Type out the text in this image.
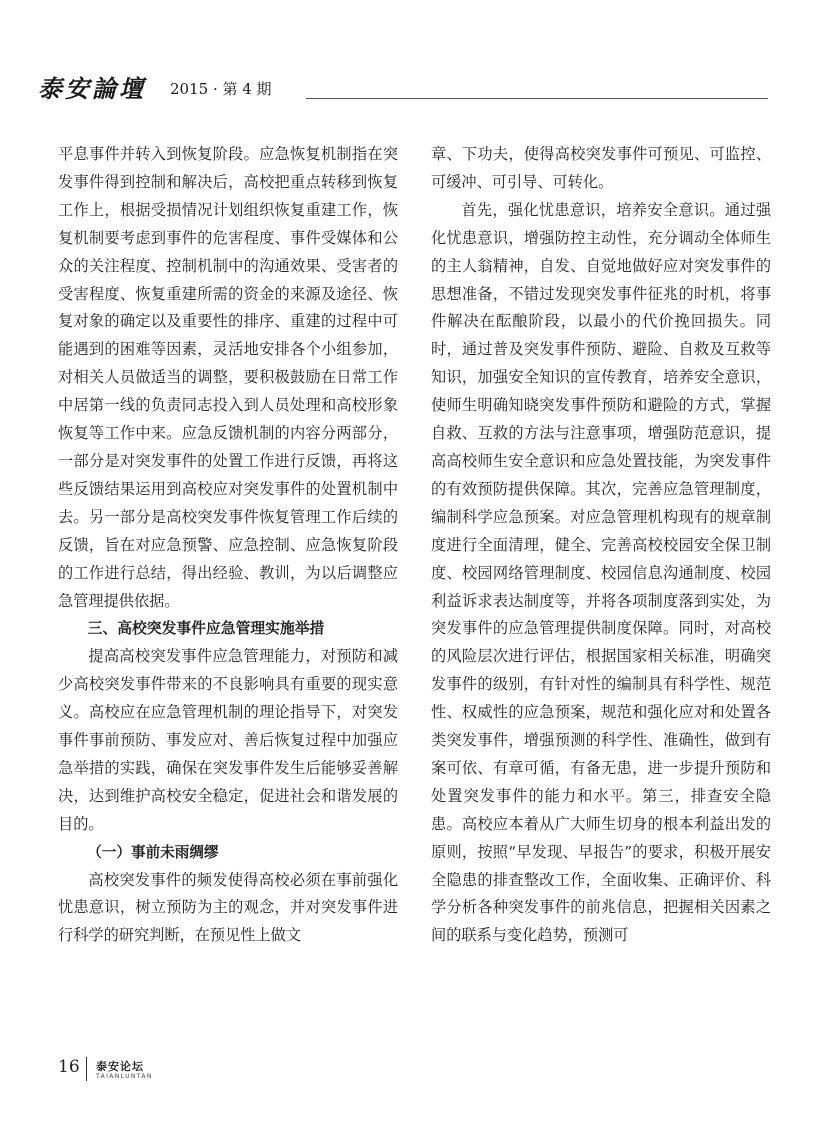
泰安論壇 2015 · 第 4 期

平息事件并转入到恢复阶段。应急恢复机制指在突发事件得到控制和解决后，高校把重点转移到恢复工作上，根据受损情况计划组织恢复重建工作，恢复机制要考虑到事件的危害程度、事件受媒体和公众的关注程度、控制机制中的沟通效果、受害者的受害程度、恢复重建所需的资金的来源及途径、恢复对象的确定以及重要性的排序、重建的过程中可能遇到的困难等因素，灵活地安排各个小组参加，对相关人员做适当的调整，要积极鼓励在日常工作中居第一线的负责同志投入到人员处理和高校形象恢复等工作中来。应急反馈机制的内容分两部分，一部分是对突发事件的处置工作进行反馈，再将这些反馈结果运用到高校应对突发事件的处置机制中去。另一部分是高校突发事件恢复管理工作后续的反馈，旨在对应急预警、应急控制、应急恢复阶段的工作进行总结，得出经验、教训，为以后调整应急管理提供依据。

三、高校突发事件应急管理实施举措

提高高校突发事件应急管理能力，对预防和减少高校突发事件带来的不良影响具有重要的现实意义。高校应在应急管理机制的理论指导下，对突发事件事前预防、事发应对、善后恢复过程中加强应急举措的实践，确保在突发事件发生后能够妥善解决，达到维护高校安全稳定，促进社会和谐发展的目的。

（一）事前未雨绸缪

高校突发事件的频发使得高校必须在事前强化忧患意识，树立预防为主的观念，并对突发事件进行科学的研究判断，在预见性上做文

章、下功夫，使得高校突发事件可预见、可监控、可缓冲、可引导、可转化。

首先，强化忧患意识，培养安全意识。通过强化忧患意识，增强防控主动性，充分调动全体师生的主人翁精神，自发、自觉地做好应对突发事件的思想准备，不错过发现突发事件征兆的时机，将事件解决在酝酿阶段，以最小的代价挽回损失。同时，通过普及突发事件预防、避险、自救及互救等知识，加强安全知识的宣传教育，培养安全意识，使师生明确知晓突发事件预防和避险的方式，掌握自救、互救的方法与注意事项，增强防范意识，提高高校师生安全意识和应急处置技能，为突发事件的有效预防提供保障。其次，完善应急管理制度，编制科学应急预案。对应急管理机构现有的规章制度进行全面清理，健全、完善高校校园安全保卫制度、校园网络管理制度、校园信息沟通制度、校园利益诉求表达制度等，并将各项制度落到实处，为突发事件的应急管理提供制度保障。同时，对高校的风险层次进行评估，根据国家相关标准，明确突发事件的级别，有针对性的编制具有科学性、规范性、权威性的应急预案，规范和强化应对和处置各类突发事件，增强预测的科学性、准确性，做到有案可依、有章可循，有备无患，进一步提升预防和处置突发事件的能力和水平。第三，排查安全隐患。高校应本着从广大师生切身的根本利益出发的原则，按照“早发现、早报告”的要求，积极开展安全隐患的排查整改工作，全面收集、正确评价、科学分析各种突发事件的前兆信息，把握相关因素之间的联系与变化趋势，预测可

16 泰安论坛
TAIANLUNTAN
